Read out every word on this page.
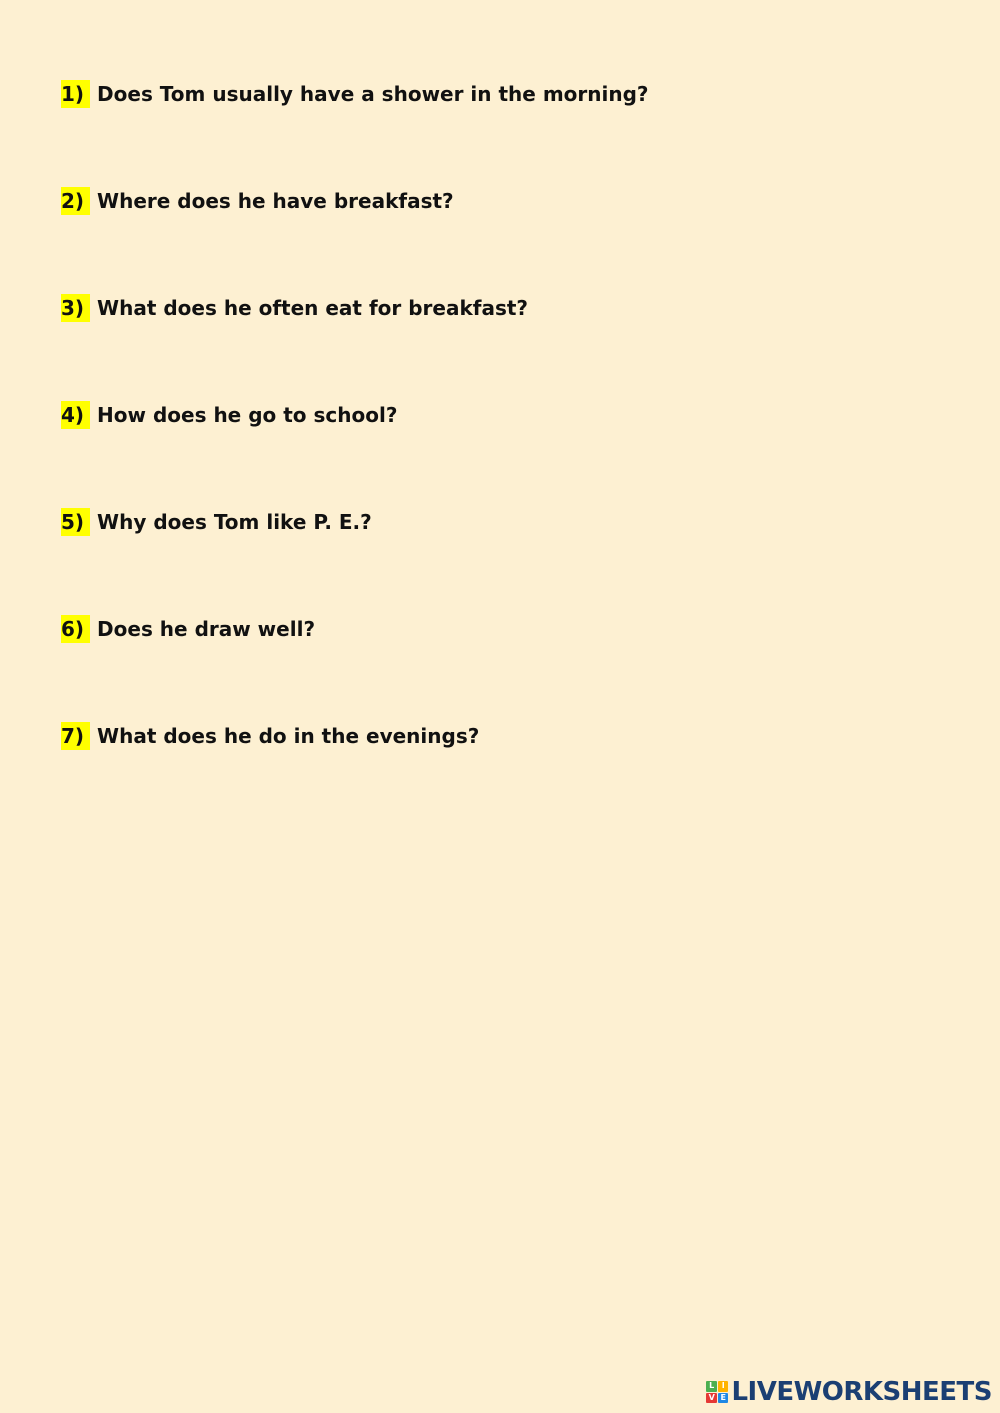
1) Does Tom usually have a shower in the morning?
2) Where does he have breakfast?
3) What does he often eat for breakfast?
4) How does he go to school?
5) Why does Tom like P. E.?
6) Does he draw well?
7) What does he do in the evenings?
L I
V E LIVEWORKSHEETS
